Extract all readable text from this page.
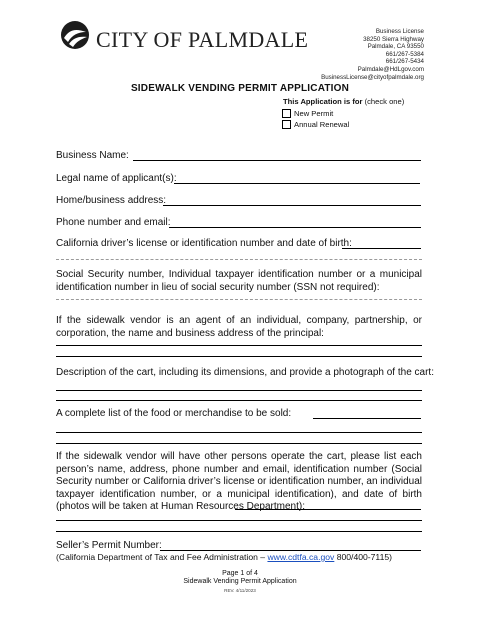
CITY OF PALMDALE	Business License
38250 Sierra Highway
Palmdale, CA 93550
661/267-5384
661/267-5434
Palmdale@HdLgov.com
BusinessLicense@cityofpalmdale.org
SIDEWALK VENDING PERMIT APPLICATION
This Application is for (check one)
New Permit
Annual Renewal
Business Name:
Legal name of applicant(s):
Home/business address:
Phone number and email:
California driver’s license or identification number and date of birth:
Social Security number, Individual taxpayer identification number or a municipal identification number in lieu of social security number (SSN not required):
If the sidewalk vendor is an agent of an individual, company, partnership, or corporation, the name and business address of the principal:
Description of the cart, including its dimensions, and provide a photograph of the cart:
A complete list of the food or merchandise to be sold:
If the sidewalk vendor will have other persons operate the cart, please list each person’s name, address, phone number and email, identification number (Social Security number or California driver’s license or identification number, an individual taxpayer identification number, or a municipal identification), and date of birth (photos will be taken at Human Resources Department):
Seller’s Permit Number:
(California Department of Tax and Fee Administration – www.cdtfa.ca.gov 800/400-7115)
Page 1 of 4
Sidewalk Vending Permit Application
REV. 4/11/2023
